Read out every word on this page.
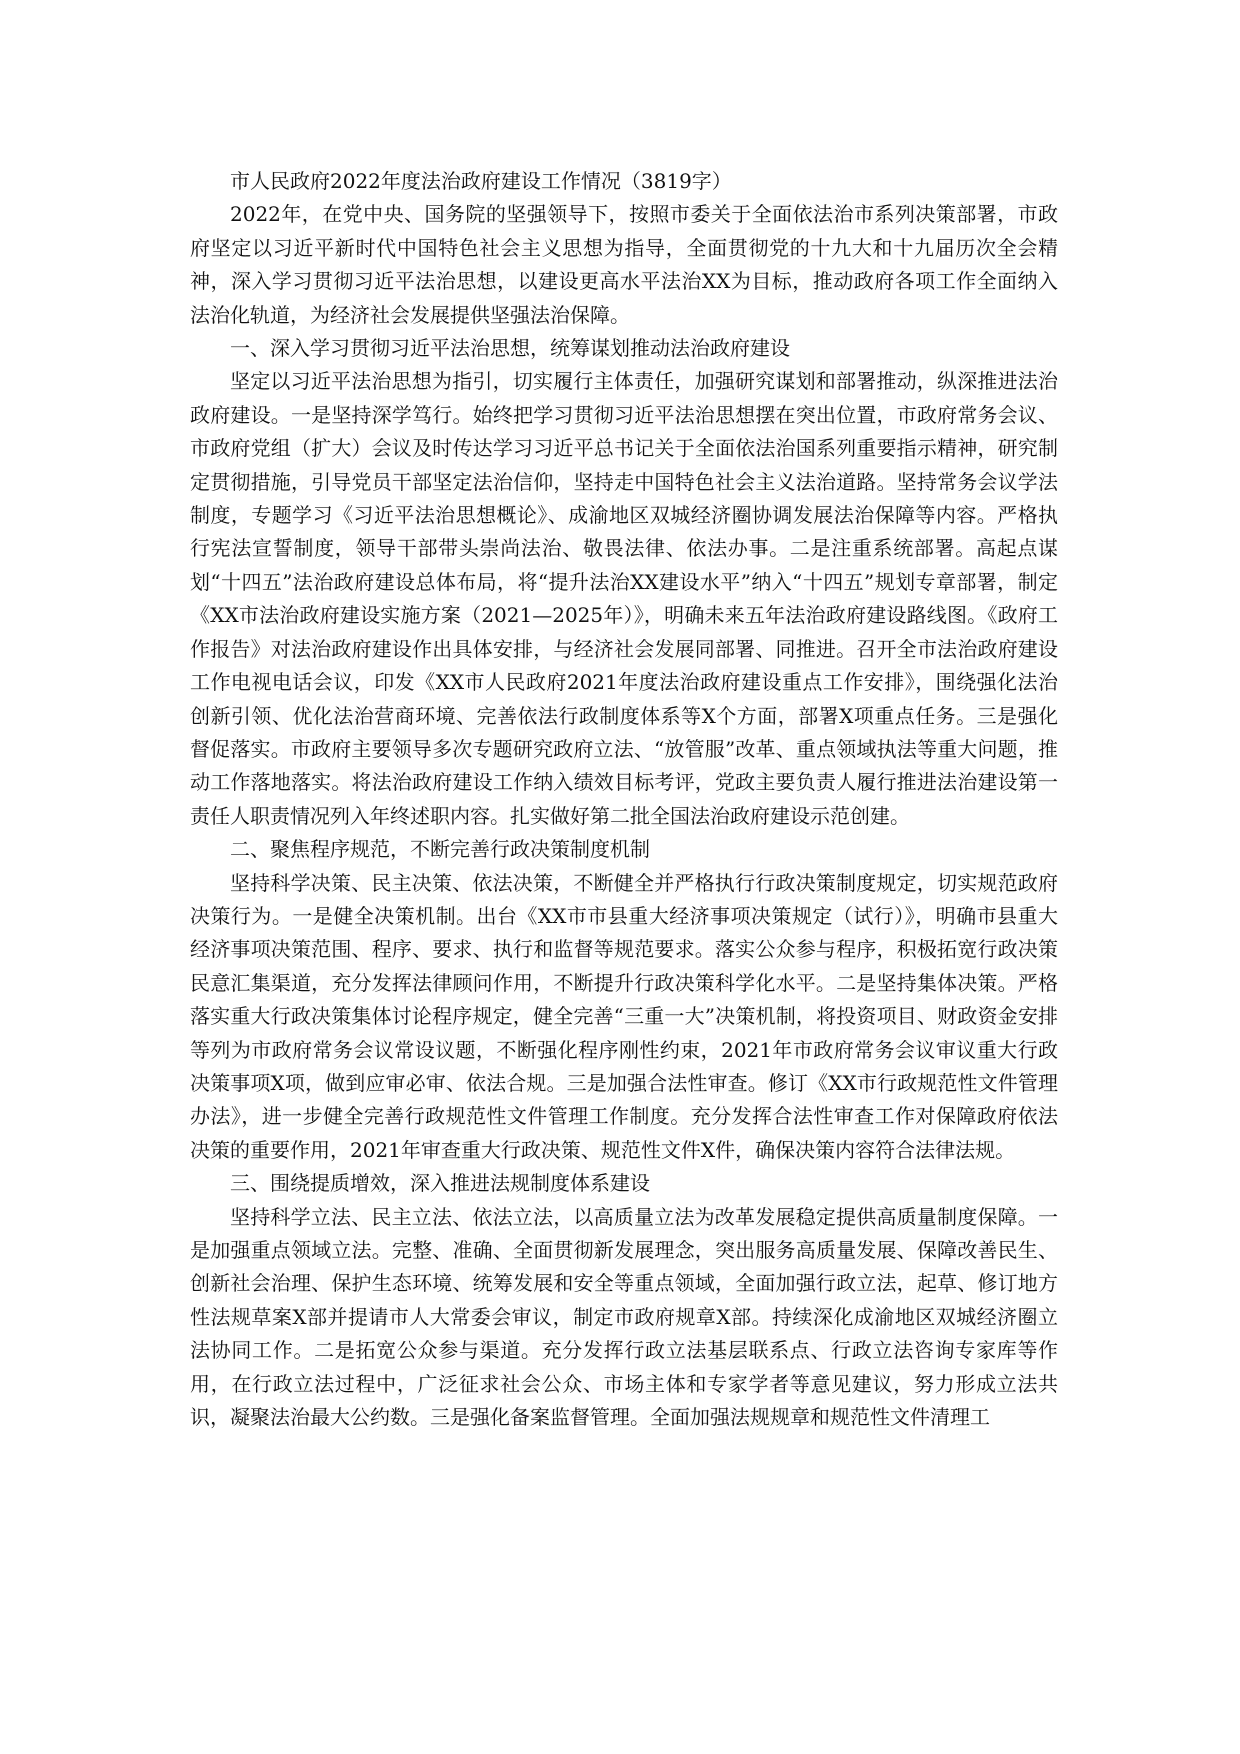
市人民政府2022年度法治政府建设工作情况（3819字）

2022年，在党中央、国务院的坚强领导下，按照市委关于全面依法治市系列决策部署，市政府坚定以习近平新时代中国特色社会主义思想为指导，全面贯彻党的十九大和十九届历次全会精神，深入学习贯彻习近平法治思想，以建设更高水平法治XX为目标，推动政府各项工作全面纳入法治化轨道，为经济社会发展提供坚强法治保障。

一、深入学习贯彻习近平法治思想，统筹谋划推动法治政府建设

坚定以习近平法治思想为指引，切实履行主体责任，加强研究谋划和部署推动，纵深推进法治政府建设。一是坚持深学笃行。始终把学习贯彻习近平法治思想摆在突出位置，市政府常务会议、市政府党组（扩大）会议及时传达学习习近平总书记关于全面依法治国系列重要指示精神，研究制定贯彻措施，引导党员干部坚定法治信仰，坚持走中国特色社会主义法治道路。坚持常务会议学法制度，专题学习《习近平法治思想概论》、成渝地区双城经济圈协调发展法治保障等内容。严格执行宪法宣誓制度，领导干部带头崇尚法治、敬畏法律、依法办事。二是注重系统部署。高起点谋划“十四五”法治政府建设总体布局，将“提升法治XX建设水平”纳入“十四五”规划专章部署，制定《XX市法治政府建设实施方案（2021—2025年）》，明确未来五年法治政府建设路线图。《政府工作报告》对法治政府建设作出具体安排，与经济社会发展同部署、同推进。召开全市法治政府建设工作电视电话会议，印发《XX市人民政府2021年度法治政府建设重点工作安排》，围绕强化法治创新引领、优化法治营商环境、完善依法行政制度体系等X个方面，部署X项重点任务。三是强化督促落实。市政府主要领导多次专题研究政府立法、“放管服”改革、重点领域执法等重大问题，推动工作落地落实。将法治政府建设工作纳入绩效目标考评，党政主要负责人履行推进法治建设第一责任人职责情况列入年终述职内容。扎实做好第二批全国法治政府建设示范创建。

二、聚焦程序规范，不断完善行政决策制度机制

坚持科学决策、民主决策、依法决策，不断健全并严格执行行政决策制度规定，切实规范政府决策行为。一是健全决策机制。出台《XX市市县重大经济事项决策规定（试行）》，明确市县重大经济事项决策范围、程序、要求、执行和监督等规范要求。落实公众参与程序，积极拓宽行政决策民意汇集渠道，充分发挥法律顾问作用，不断提升行政决策科学化水平。二是坚持集体决策。严格落实重大行政决策集体讨论程序规定，健全完善“三重一大”决策机制，将投资项目、财政资金安排等列为市政府常务会议常设议题，不断强化程序刚性约束，2021年市政府常务会议审议重大行政决策事项X项，做到应审必审、依法合规。三是加强合法性审查。修订《XX市行政规范性文件管理办法》，进一步健全完善行政规范性文件管理工作制度。充分发挥合法性审查工作对保障政府依法决策的重要作用，2021年审查重大行政决策、规范性文件X件，确保决策内容符合法律法规。

三、围绕提质增效，深入推进法规制度体系建设

坚持科学立法、民主立法、依法立法，以高质量立法为改革发展稳定提供高质量制度保障。一是加强重点领域立法。完整、准确、全面贯彻新发展理念，突出服务高质量发展、保障改善民生、创新社会治理、保护生态环境、统筹发展和安全等重点领域，全面加强行政立法，起草、修订地方性法规草案X部并提请市人大常委会审议，制定市政府规章X部。持续深化成渝地区双城经济圈立法协同工作。二是拓宽公众参与渠道。充分发挥行政立法基层联系点、行政立法咨询专家库等作用，在行政立法过程中，广泛征求社会公众、市场主体和专家学者等意见建议，努力形成立法共识，凝聚法治最大公约数。三是强化备案监督管理。全面加强法规规章和规范性文件清理工
